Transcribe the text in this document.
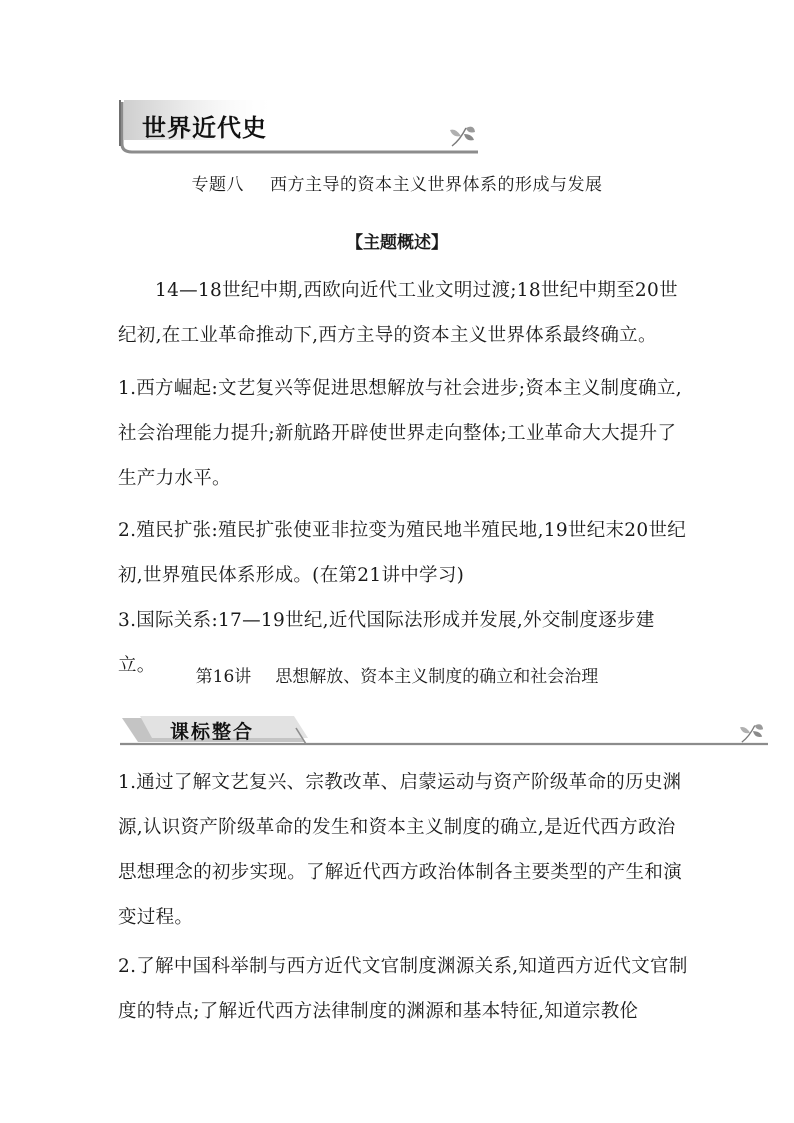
世界近代史
专题八 西方主导的资本主义世界体系的形成与发展
【主题概述】

14—18世纪中期,西欧向近代工业文明过渡;18世纪中期至20世纪初,在工业革命推动下,西方主导的资本主义世界体系最终确立。

1.西方崛起:文艺复兴等促进思想解放与社会进步;资本主义制度确立,社会治理能力提升;新航路开辟使世界走向整体;工业革命大大提升了生产力水平。

2.殖民扩张:殖民扩张使亚非拉变为殖民地半殖民地,19世纪末20世纪初,世界殖民体系形成。(在第21讲中学习)

3.国际关系:17—19世纪,近代国际法形成并发展,外交制度逐步建立。

第16讲 思想解放、资本主义制度的确立和社会治理
课标整合

1.通过了解文艺复兴、宗教改革、启蒙运动与资产阶级革命的历史渊源,认识资产阶级革命的发生和资本主义制度的确立,是近代西方政治思想理念的初步实现。了解近代西方政治体制各主要类型的产生和演变过程。

2.了解中国科举制与西方近代文官制度渊源关系,知道西方近代文官制度的特点;了解近代西方法律制度的渊源和基本特征,知道宗教伦
